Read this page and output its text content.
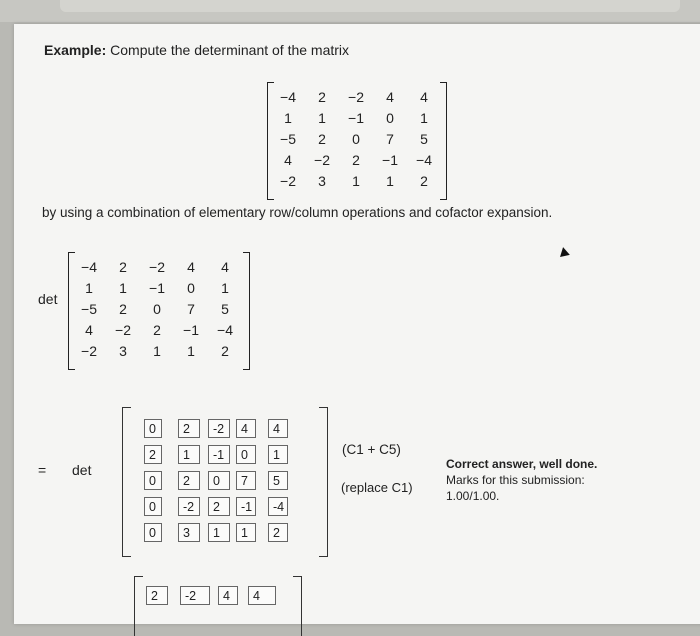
Example: Compute the determinant of the matrix
−4	2	−2	4	4
1	1	−1	0	1
−5	2	0	7	5
4	−2	2	−1	−4
−2	3	1	1	2
by using a combination of elementary row/column operations and cofactor expansion.
det
−4	2	−2	4	4
1	1	−1	0	1
−5	2	0	7	5
4	−2	2	−1	−4
−2	3	1	1	2
= det
0	2	-2	4	4
2	1	-1	0	1
0	2	0	7	5
0	-2	2	-1	-4
0	3	1	1	2
(C1 + C5)
(replace C1)
Correct answer, well done.
Marks for this submission:
1.00/1.00.
2	-2	4	4
